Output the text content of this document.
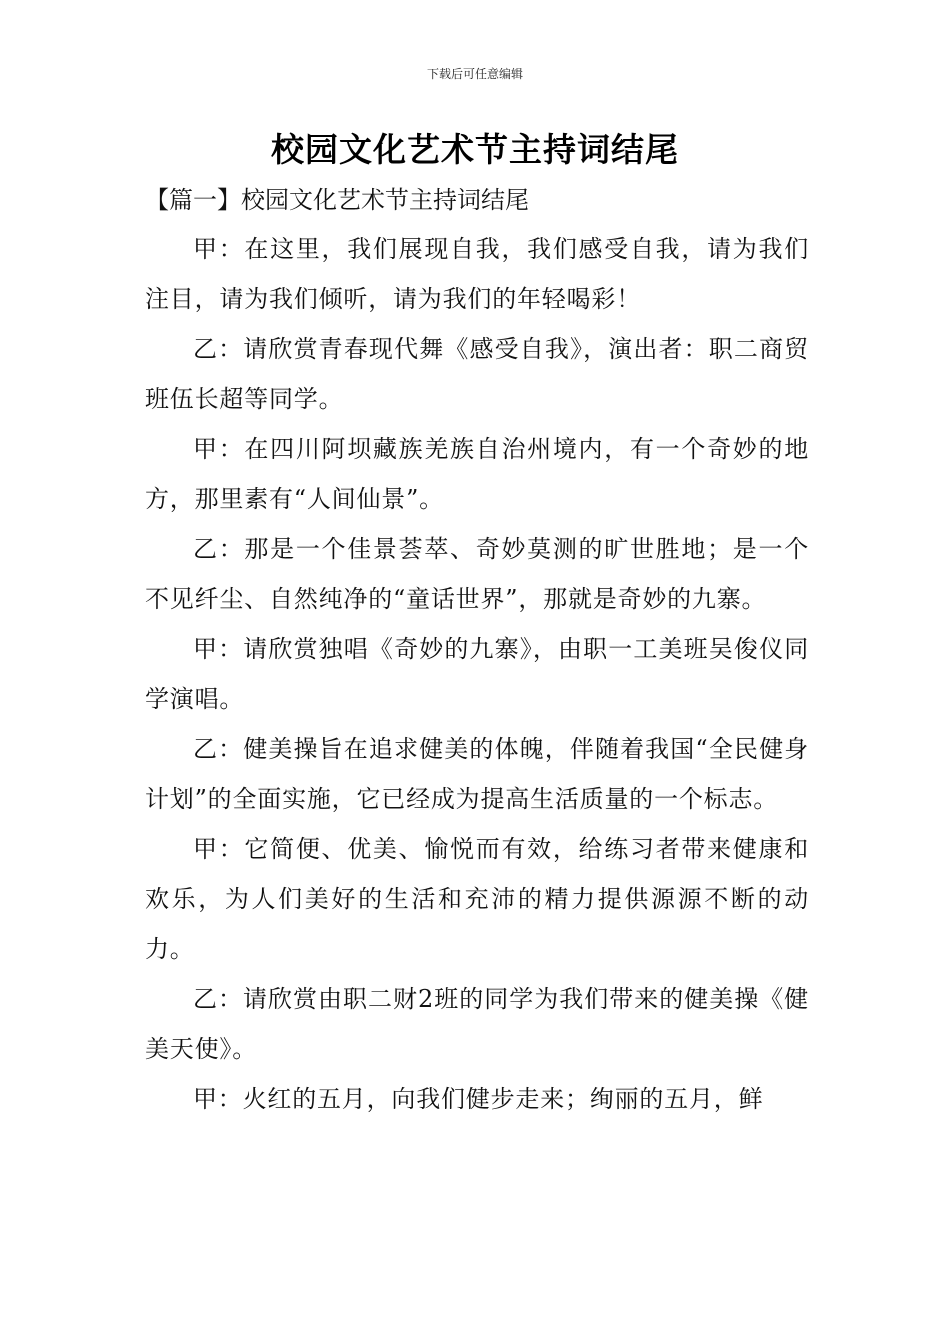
下载后可任意编辑
校园文化艺术节主持词结尾
【篇一】校园文化艺术节主持词结尾

甲：在这里，我们展现自我，我们感受自我，请为我们注目，请为我们倾听，请为我们的年轻喝彩！

乙：请欣赏青春现代舞《感受自我》，演出者：职二商贸班伍长超等同学。

甲：在四川阿坝藏族羌族自治州境内，有一个奇妙的地方，那里素有“人间仙景”。

乙：那是一个佳景荟萃、奇妙莫测的旷世胜地；是一个不见纤尘、自然纯净的“童话世界”，那就是奇妙的九寨。

甲：请欣赏独唱《奇妙的九寨》，由职一工美班吴俊仪同学演唱。

乙：健美操旨在追求健美的体魄，伴随着我国“全民健身计划”的全面实施，它已经成为提高生活质量的一个标志。

甲：它简便、优美、愉悦而有效，给练习者带来健康和欢乐，为人们美好的生活和充沛的精力提供源源不断的动力。

乙：请欣赏由职二财2班的同学为我们带来的健美操《健美天使》。

甲：火红的五月，向我们健步走来；绚丽的五月，鲜
